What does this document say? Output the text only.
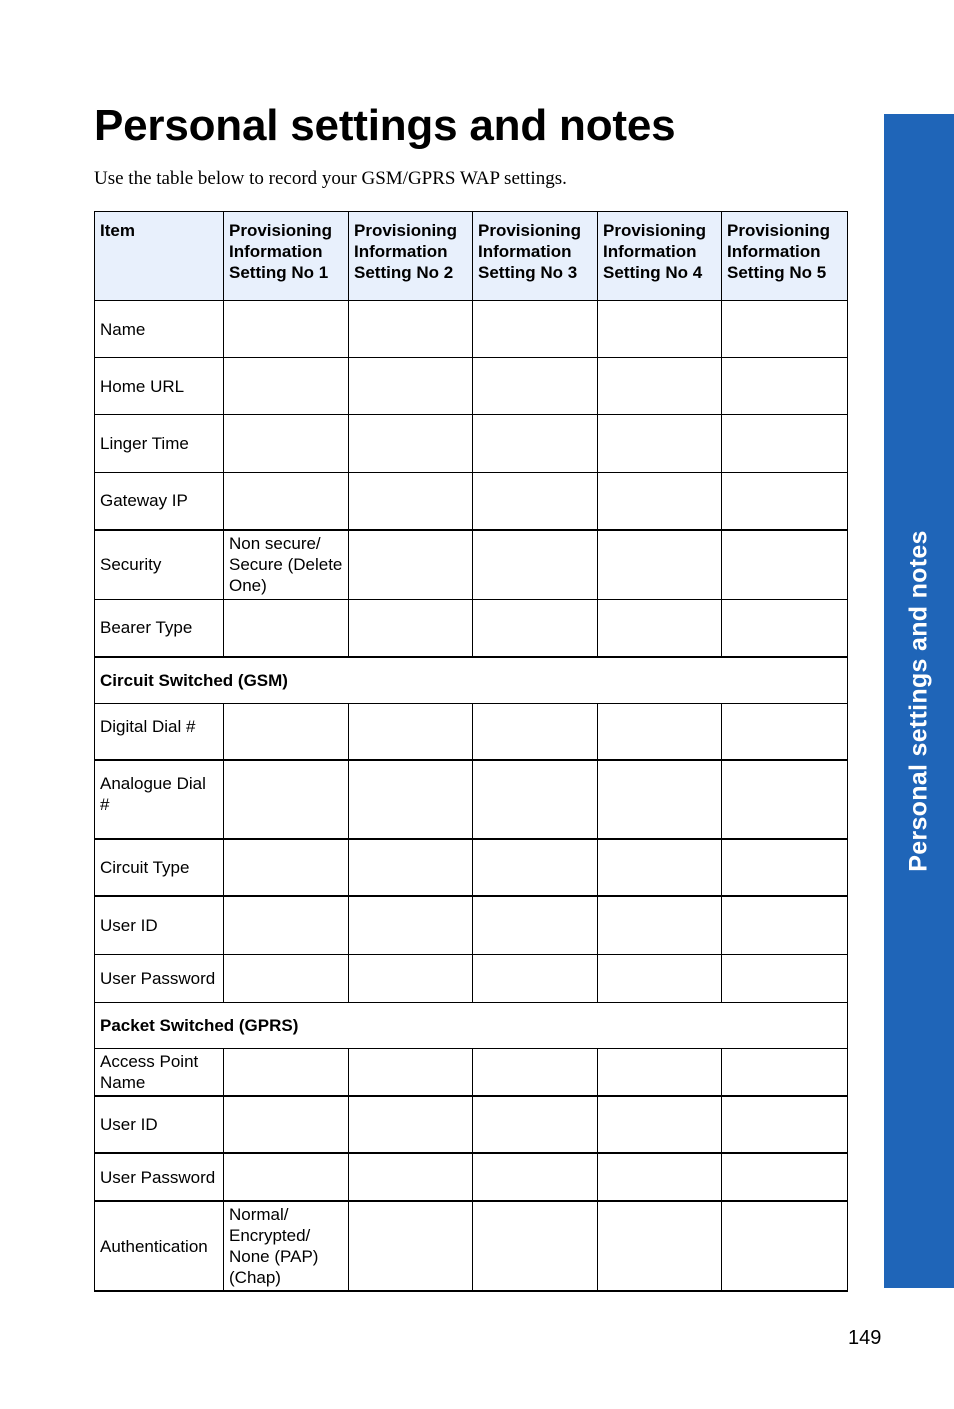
Personal settings and notes

Use the table below to record your GSM/GPRS WAP settings.

Item	Provisioning Information Setting No 1	Provisioning Information Setting No 2	Provisioning Information Setting No 3	Provisioning Information Setting No 4	Provisioning Information Setting No 5
Name					
Home URL					
Linger Time					
Gateway IP					
Security	Non secure/ Secure (Delete One)				
Bearer Type					
Circuit Switched (GSM)					
Digital Dial #					
Analogue Dial #					
Circuit Type					
User ID					
User Password					
Packet Switched (GPRS)					
Access Point Name					
User ID					
User Password					
Authentication	Normal/ Encrypted/ None (PAP) (Chap)				
Personal settings and notes
149
